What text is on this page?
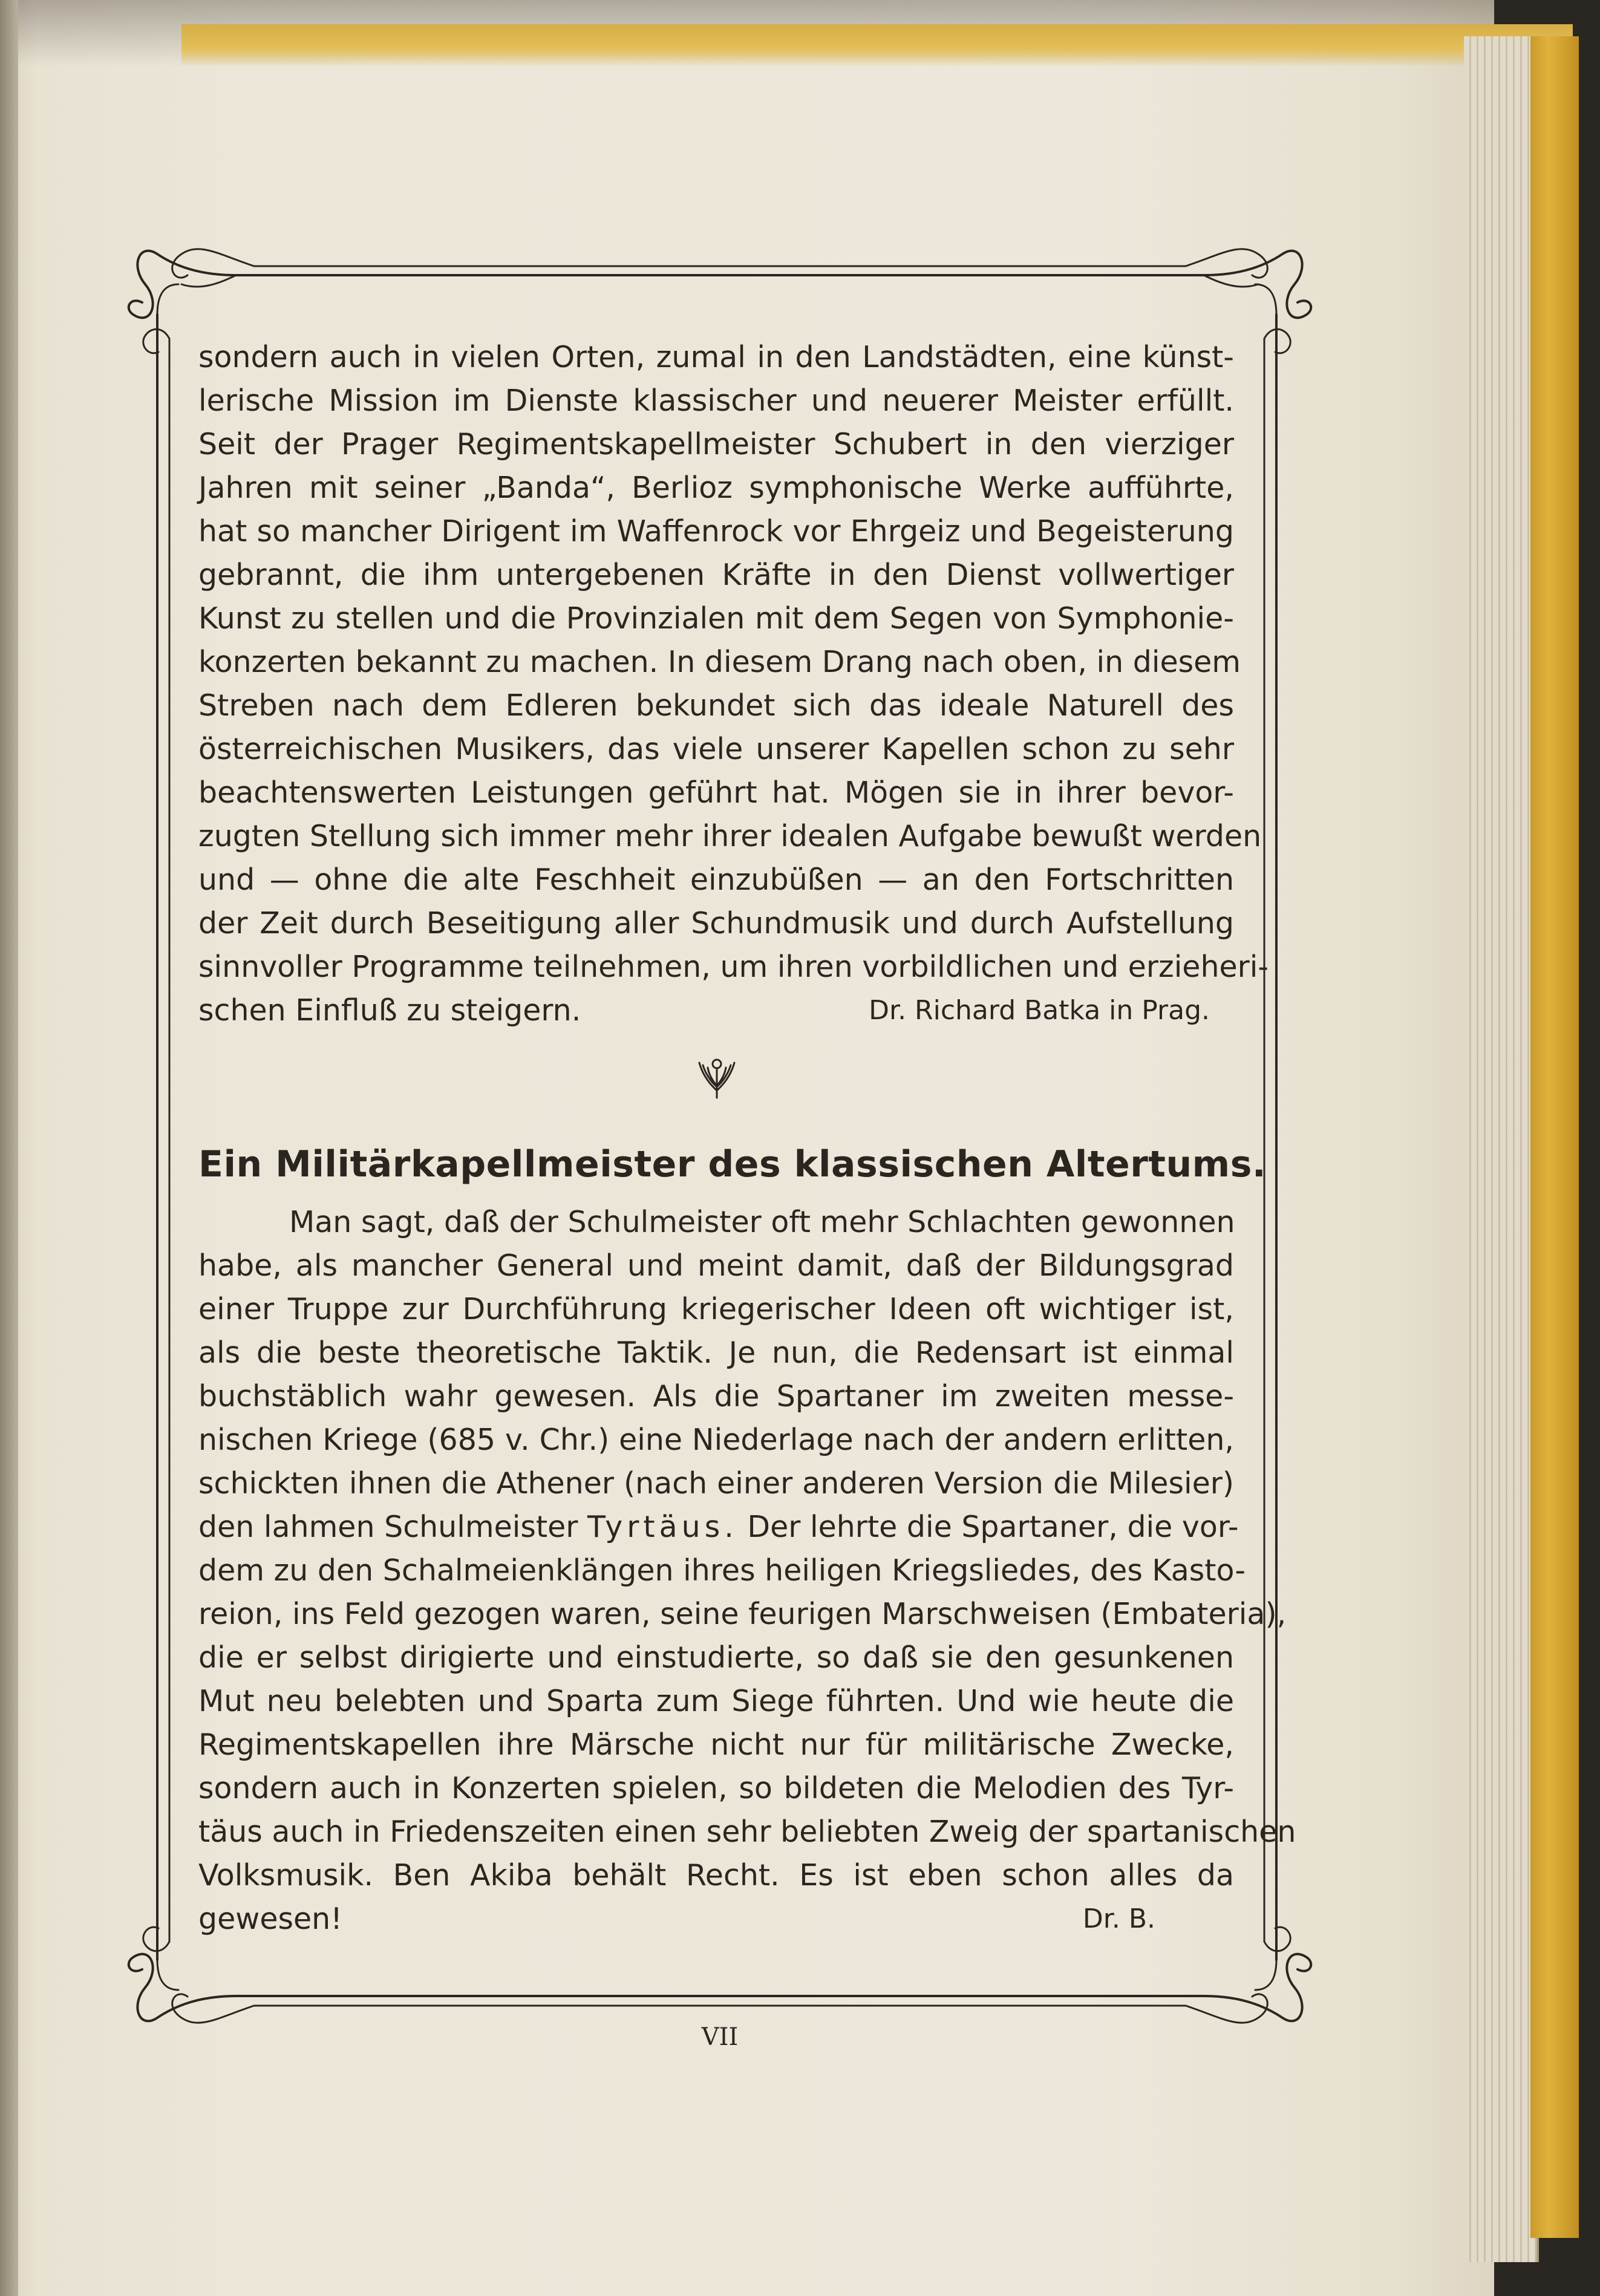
sondern auch in vielen Orten, zumal in den Landstädten, eine künst-
lerische Mission im Dienste klassischer und neuerer Meister erfüllt.
Seit der Prager Regimentskapellmeister Schubert in den vierziger
Jahren mit seiner „Banda“, Berlioz symphonische Werke aufführte,
hat so mancher Dirigent im Waffenrock vor Ehrgeiz und Begeisterung
gebrannt, die ihm untergebenen Kräfte in den Dienst vollwertiger
Kunst zu stellen und die Provinzialen mit dem Segen von Symphonie-
konzerten bekannt zu machen. In diesem Drang nach oben, in diesem
Streben nach dem Edleren bekundet sich das ideale Naturell des
österreichischen Musikers, das viele unserer Kapellen schon zu sehr
beachtenswerten Leistungen geführt hat. Mögen sie in ihrer bevor-
zugten Stellung sich immer mehr ihrer idealen Aufgabe bewußt werden
und — ohne die alte Feschheit einzubüßen — an den Fortschritten
der Zeit durch Beseitigung aller Schundmusik und durch Aufstellung
sinnvoller Programme teilnehmen, um ihren vorbildlichen und erzieheri-
schen Einfluß zu steigern.	Dr. Richard Batka in Prag.
Ein Militärkapellmeister des klassischen Altertums.
Man sagt, daß der Schulmeister oft mehr Schlachten gewonnen
habe, als mancher General und meint damit, daß der Bildungsgrad
einer Truppe zur Durchführung kriegerischer Ideen oft wichtiger ist,
als die beste theoretische Taktik. Je nun, die Redensart ist einmal
buchstäblich wahr gewesen. Als die Spartaner im zweiten messe-
nischen Kriege (685 v. Chr.) eine Niederlage nach der andern erlitten,
schickten ihnen die Athener (nach einer anderen Version die Milesier)
den lahmen Schulmeister Tyrtäus. Der lehrte die Spartaner, die vor-
dem zu den Schalmeienklängen ihres heiligen Kriegsliedes, des Kasto-
reion, ins Feld gezogen waren, seine feurigen Marschweisen (Embateria),
die er selbst dirigierte und einstudierte, so daß sie den gesunkenen
Mut neu belebten und Sparta zum Siege führten. Und wie heute die
Regimentskapellen ihre Märsche nicht nur für militärische Zwecke,
sondern auch in Konzerten spielen, so bildeten die Melodien des Tyr-
täus auch in Friedenszeiten einen sehr beliebten Zweig der spartanischen
Volksmusik. Ben Akiba behält Recht. Es ist eben schon alles da
gewesen!	Dr. B.
VII
